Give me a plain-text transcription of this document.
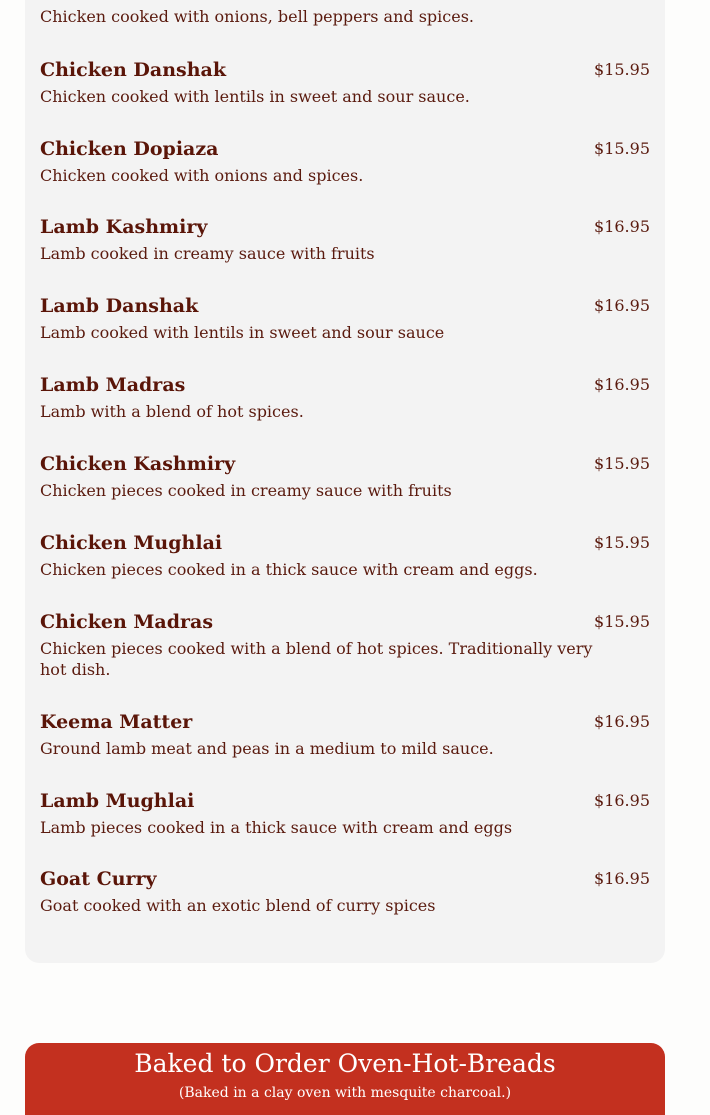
Chicken cooked with onions, bell peppers and spices.
Chicken Danshak	$15.95
Chicken cooked with lentils in sweet and sour sauce.
Chicken Dopiaza	$15.95
Chicken cooked with onions and spices.
Lamb Kashmiry	$16.95
Lamb cooked in creamy sauce with fruits
Lamb Danshak	$16.95
Lamb cooked with lentils in sweet and sour sauce
Lamb Madras	$16.95
Lamb with a blend of hot spices.
Chicken Kashmiry	$15.95
Chicken pieces cooked in creamy sauce with fruits
Chicken Mughlai	$15.95
Chicken pieces cooked in a thick sauce with cream and eggs.
Chicken Madras	$15.95
Chicken pieces cooked with a blend of hot spices. Traditionally very hot dish.
Keema Matter	$16.95
Ground lamb meat and peas in a medium to mild sauce.
Lamb Mughlai	$16.95
Lamb pieces cooked in a thick sauce with cream and eggs
Goat Curry	$16.95
Goat cooked with an exotic blend of curry spices
Baked to Order Oven-Hot-Breads
(Baked in a clay oven with mesquite charcoal.)
